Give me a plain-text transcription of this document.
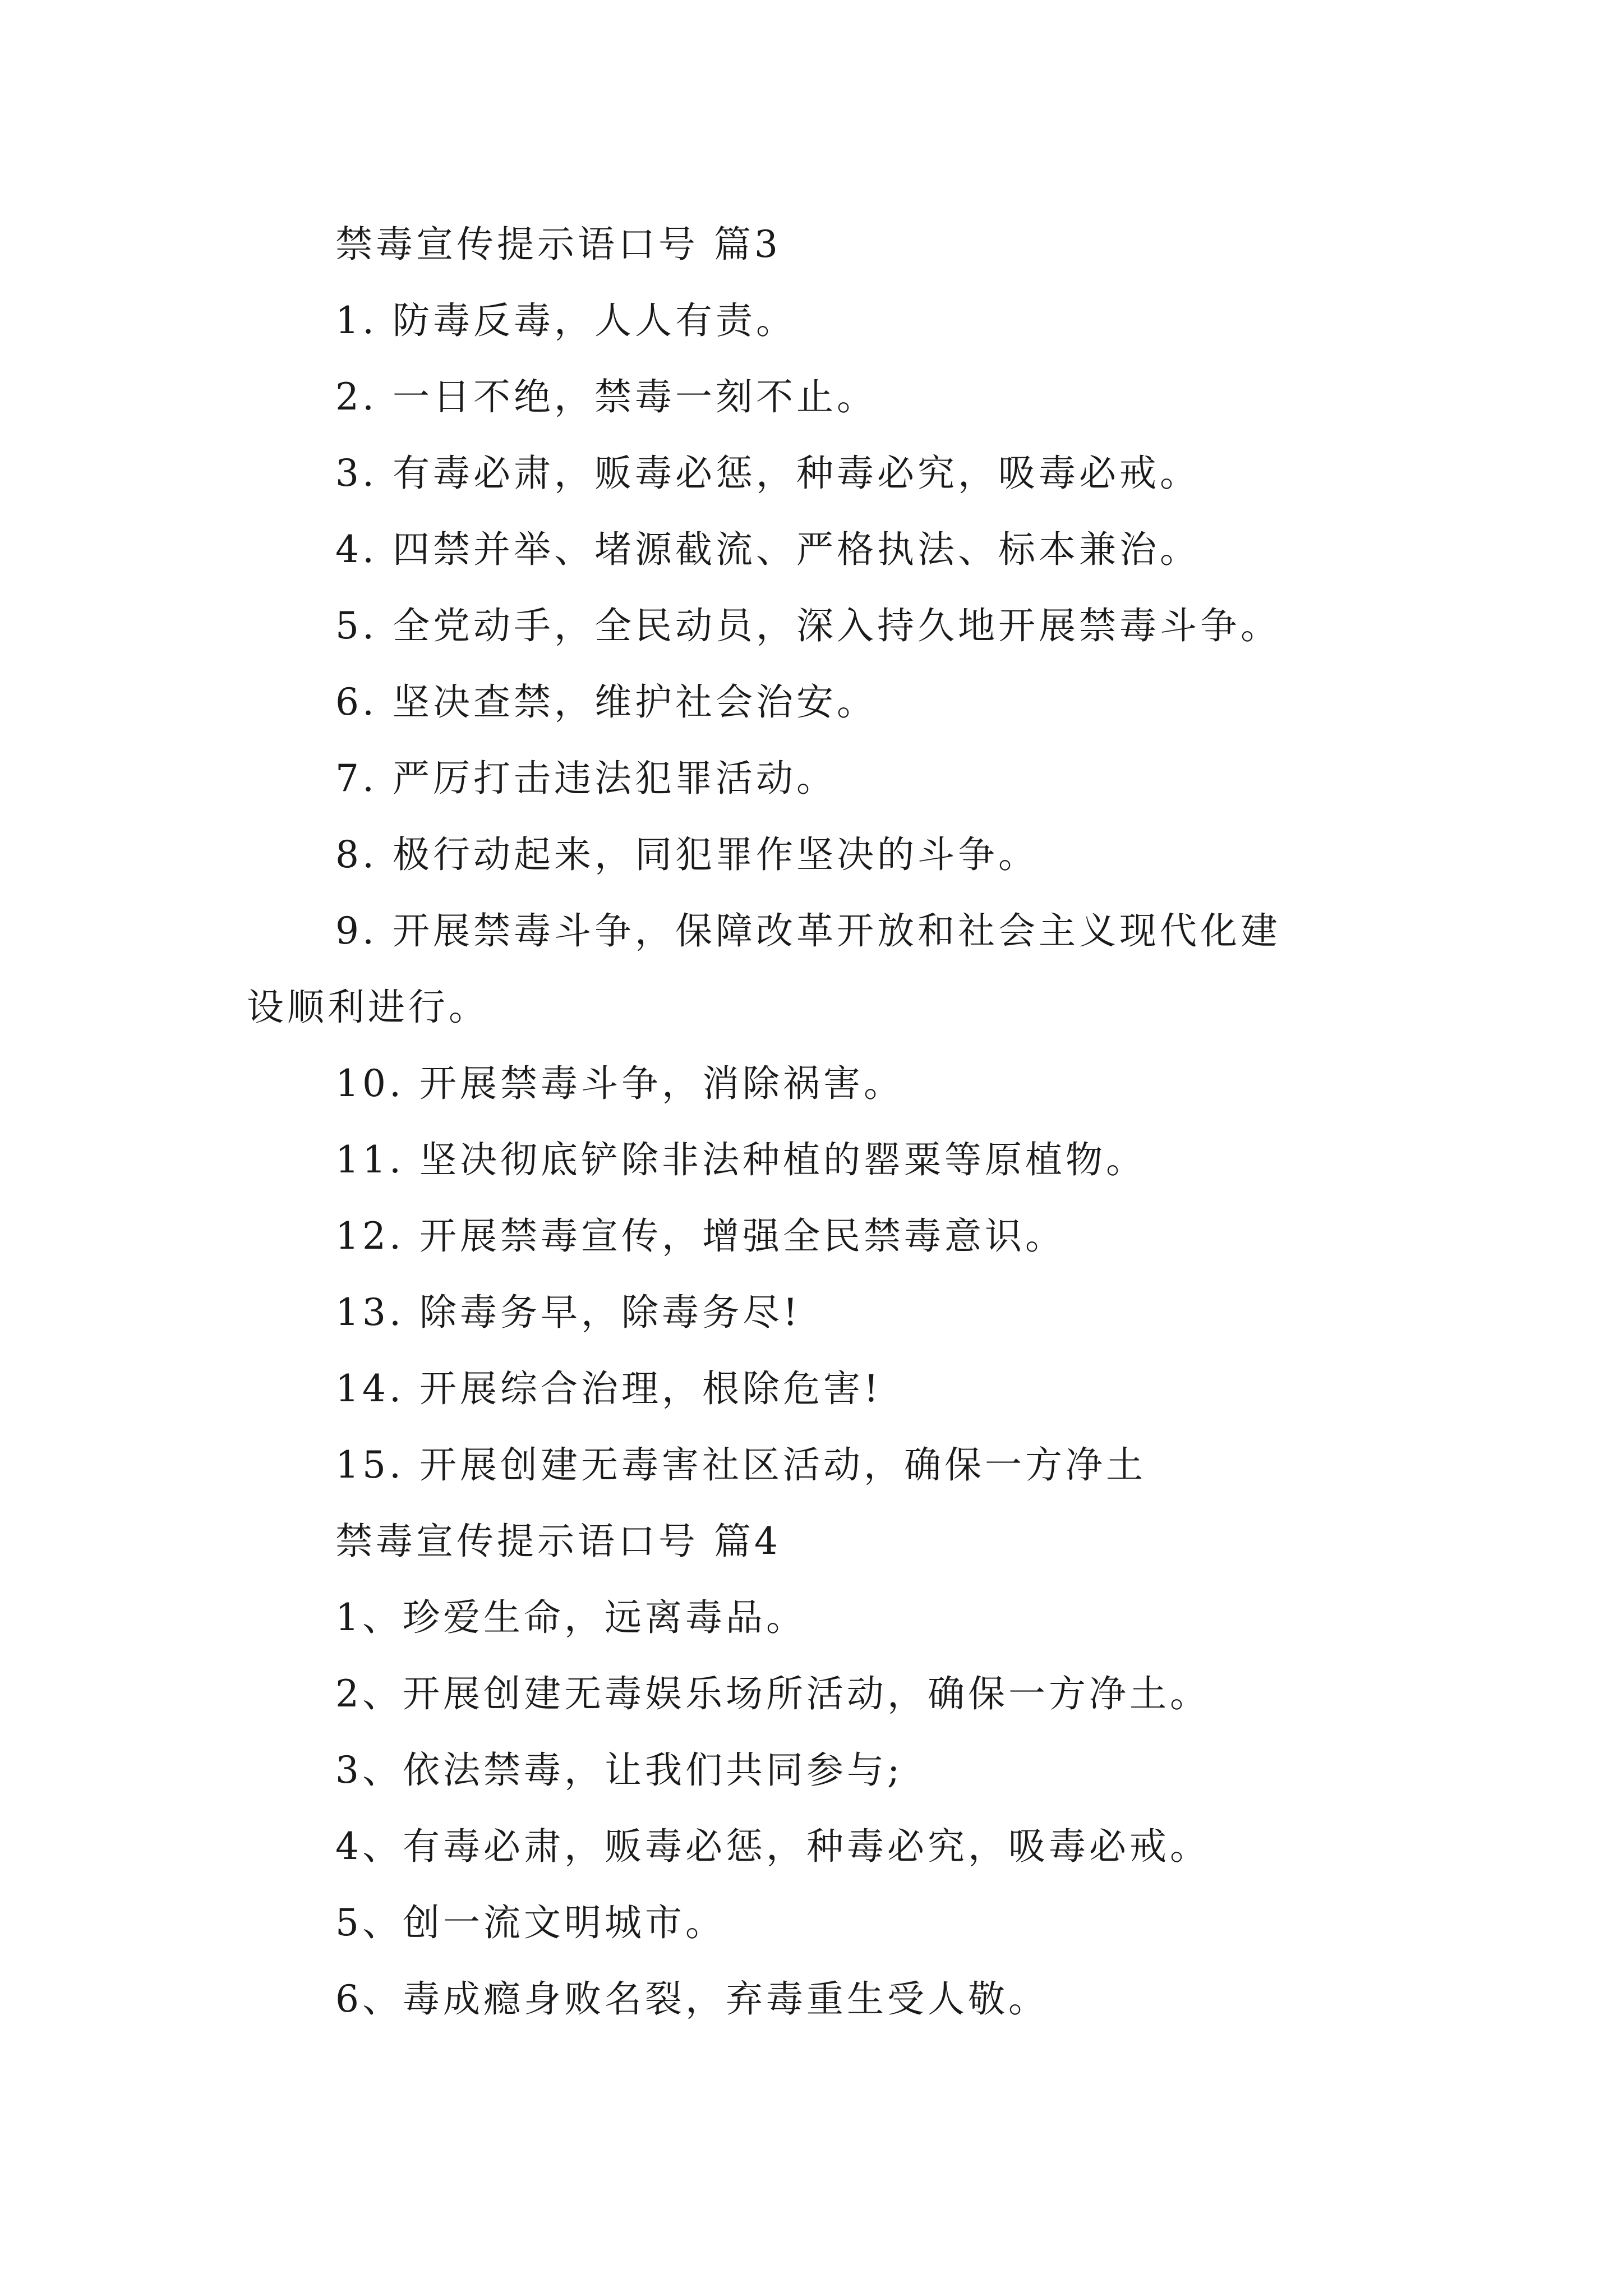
禁毒宣传提示语口号 篇3

1. 防毒反毒，人人有责。

2. 一日不绝，禁毒一刻不止。

3. 有毒必肃，贩毒必惩，种毒必究，吸毒必戒。

4. 四禁并举、堵源截流、严格执法、标本兼治。

5. 全党动手，全民动员，深入持久地开展禁毒斗争。

6. 坚决查禁，维护社会治安。

7. 严厉打击违法犯罪活动。

8. 极行动起来，同犯罪作坚决的斗争。

9. 开展禁毒斗争，保障改革开放和社会主义现代化建

设顺利进行。

10. 开展禁毒斗争，消除祸害。

11. 坚决彻底铲除非法种植的罂粟等原植物。

12. 开展禁毒宣传，增强全民禁毒意识。

13. 除毒务早，除毒务尽!

14. 开展综合治理，根除危害!

15. 开展创建无毒害社区活动，确保一方净土

禁毒宣传提示语口号 篇4

1、珍爱生命，远离毒品。

2、开展创建无毒娱乐场所活动，确保一方净土。

3、依法禁毒，让我们共同参与;

4、有毒必肃，贩毒必惩，种毒必究，吸毒必戒。

5、创一流文明城市。

6、毒成瘾身败名裂，弃毒重生受人敬。
